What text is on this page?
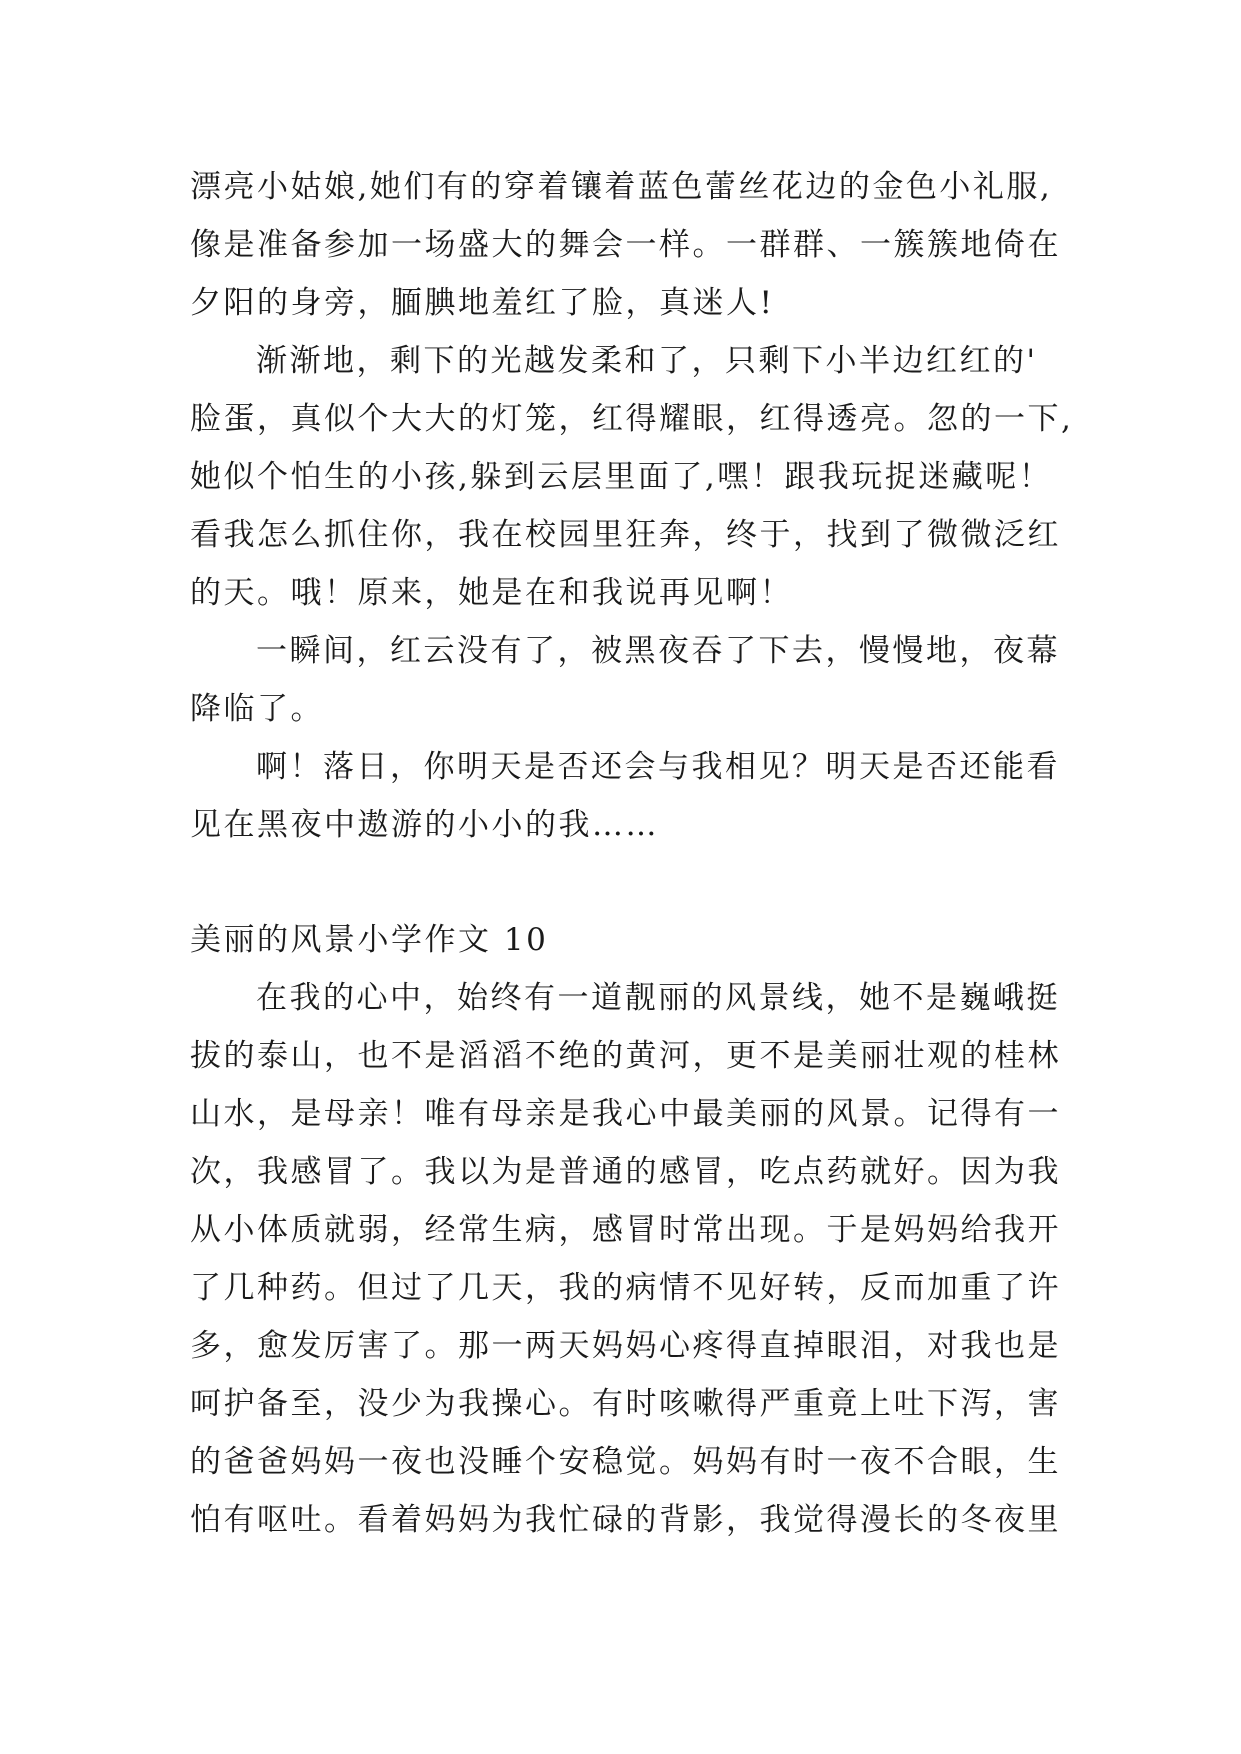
漂亮小姑娘,她们有的穿着镶着蓝色蕾丝花边的金色小礼服,
像是准备参加一场盛大的舞会一样。一群群、一簇簇地倚在
夕阳的身旁，腼腆地羞红了脸，真迷人!
渐渐地，剩下的光越发柔和了，只剩下小半边红红的'
脸蛋，真似个大大的灯笼，红得耀眼，红得透亮。忽的一下,
她似个怕生的小孩,躲到云层里面了,嘿！跟我玩捉迷藏呢！
看我怎么抓住你，我在校园里狂奔，终于，找到了微微泛红
的天。哦！原来，她是在和我说再见啊！
一瞬间，红云没有了，被黑夜吞了下去，慢慢地，夜幕
降临了。
啊！落日，你明天是否还会与我相见？明天是否还能看
见在黑夜中遨游的小小的我……
美丽的风景小学作文 10
在我的心中，始终有一道靓丽的风景线，她不是巍峨挺
拔的泰山，也不是滔滔不绝的黄河，更不是美丽壮观的桂林
山水，是母亲！唯有母亲是我心中最美丽的风景。记得有一
次，我感冒了。我以为是普通的感冒，吃点药就好。因为我
从小体质就弱，经常生病，感冒时常出现。于是妈妈给我开
了几种药。但过了几天，我的病情不见好转，反而加重了许
多，愈发厉害了。那一两天妈妈心疼得直掉眼泪，对我也是
呵护备至，没少为我操心。有时咳嗽得严重竟上吐下泻，害
的爸爸妈妈一夜也没睡个安稳觉。妈妈有时一夜不合眼，生
怕有呕吐。看着妈妈为我忙碌的背影，我觉得漫长的冬夜里
